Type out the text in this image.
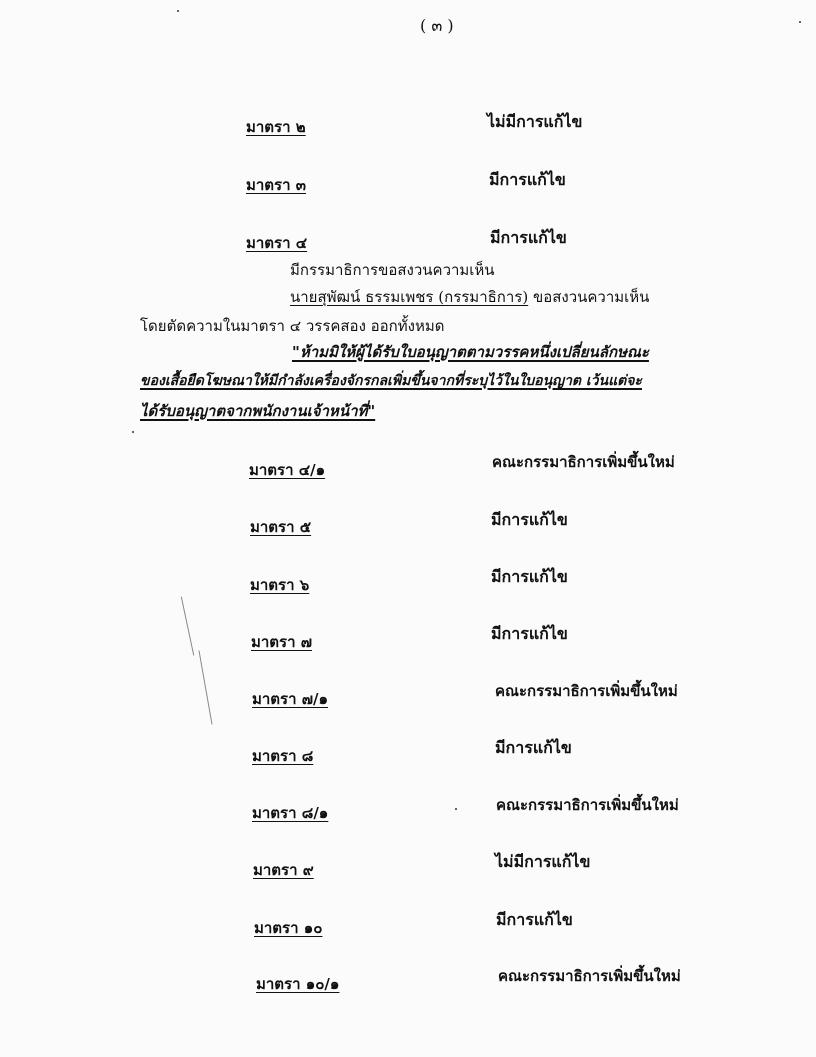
( ๓ )
มาตรา ๒	ไม่มีการแก้ไข
มาตรา ๓	มีการแก้ไข
มาตรา ๔	มีการแก้ไข
มีกรรมาธิการขอสงวนความเห็น
นายสุพัฒน์ ธรรมเพชร (กรรมาธิการ) ขอสงวนความเห็น
โดยตัดความในมาตรา ๔ วรรคสอง ออกทั้งหมด
"ห้ามมิให้ผู้ได้รับใบอนุญาตตามวรรคหนึ่งเปลี่ยนลักษณะ
ของเสื้อยืดโฆษณาให้มีกำลังเครื่องจักรกลเพิ่มขึ้นจากที่ระบุไว้ในใบอนุญาต เว้นแต่จะ
ได้รับอนุญาตจากพนักงานเจ้าหน้าที่"
มาตรา ๔/๑	คณะกรรมาธิการเพิ่มขึ้นใหม่
มาตรา ๕	มีการแก้ไข
มาตรา ๖	มีการแก้ไข
มาตรา ๗	มีการแก้ไข
มาตรา ๗/๑	คณะกรรมาธิการเพิ่มขึ้นใหม่
มาตรา ๘	มีการแก้ไข
มาตรา ๘/๑	คณะกรรมาธิการเพิ่มขึ้นใหม่
มาตรา ๙	ไม่มีการแก้ไข
มาตรา ๑๐	มีการแก้ไข
มาตรา ๑๐/๑	คณะกรรมาธิการเพิ่มขึ้นใหม่
